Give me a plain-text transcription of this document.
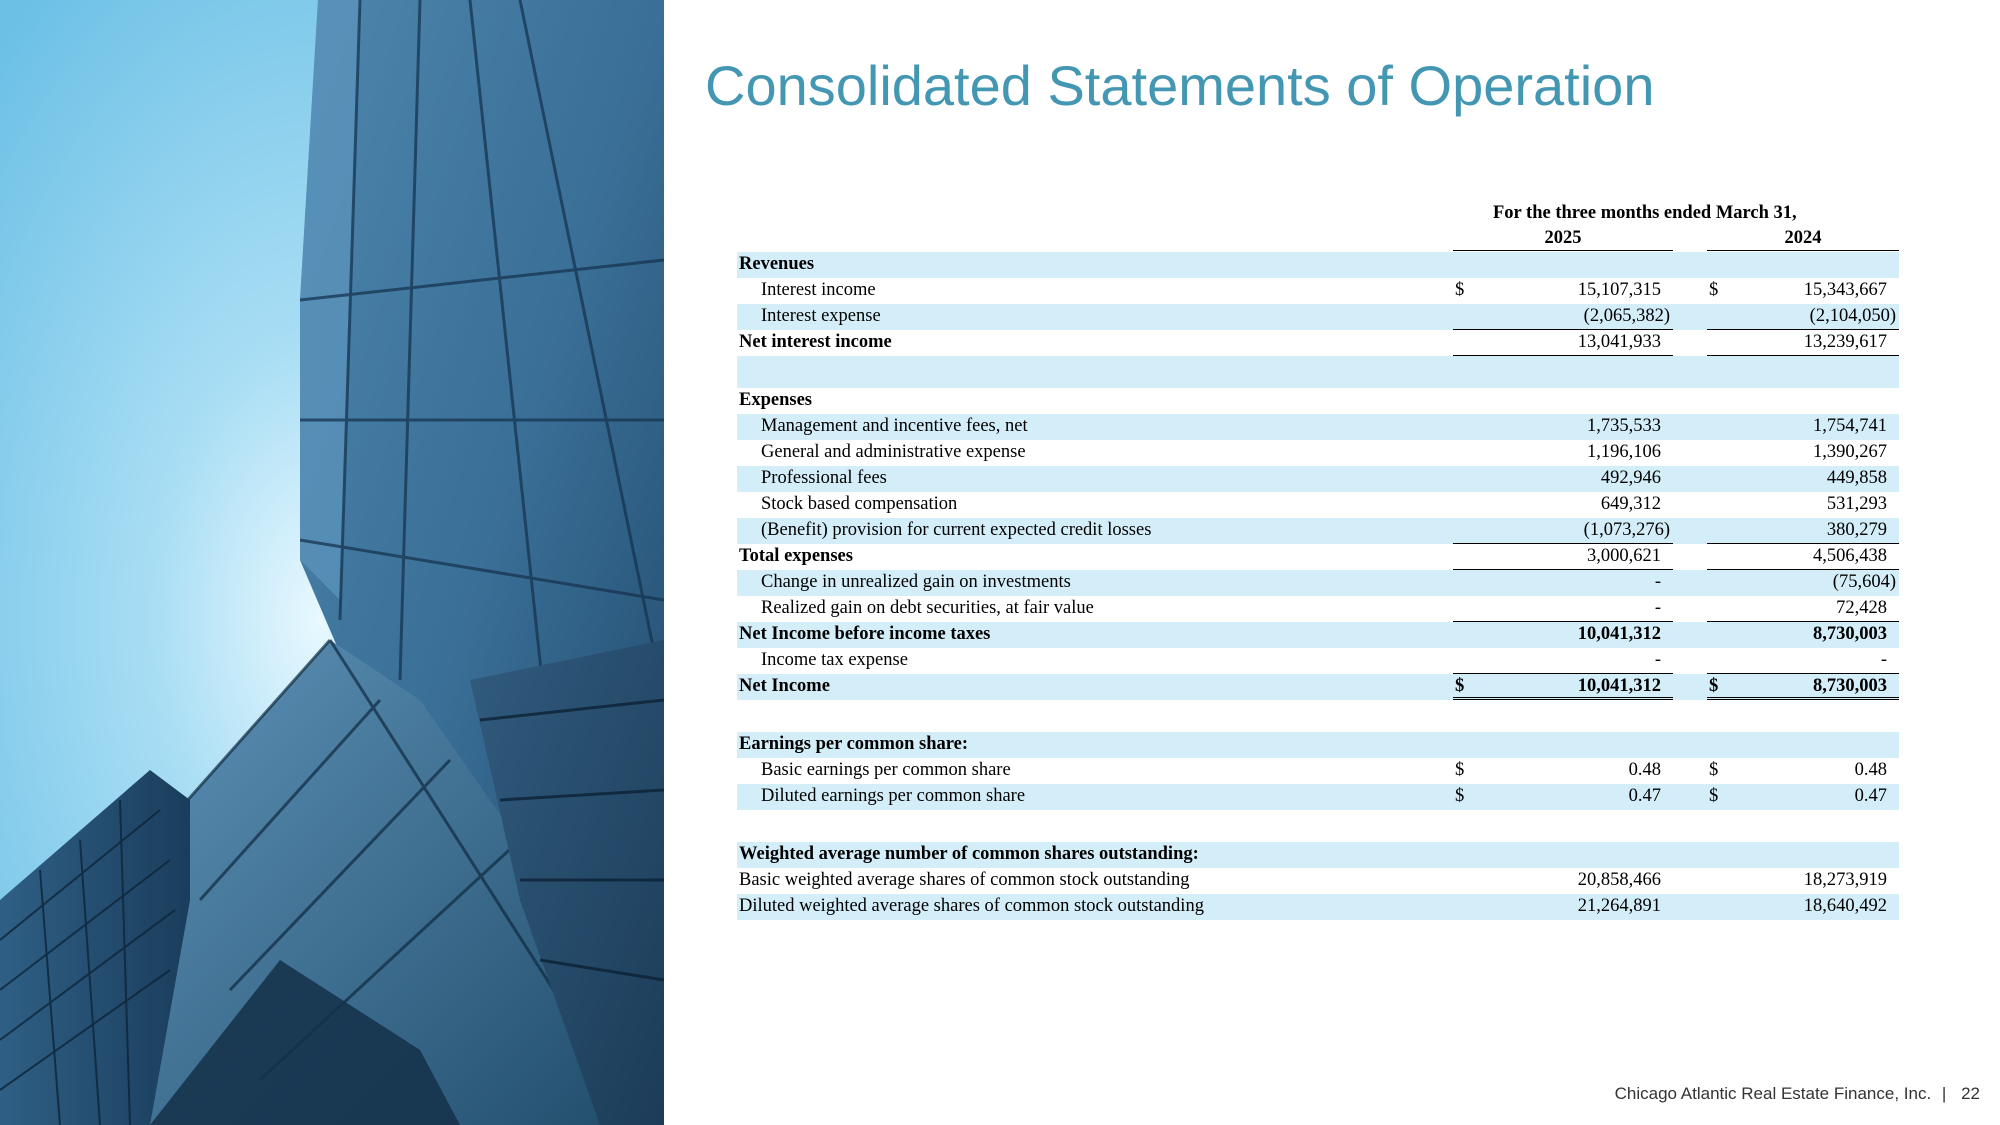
Consolidated Statements of Operation
For the three months ended March 31,
2025	2024
Revenues
Interest income	$	15,107,315	$	15,343,667
Interest expense	(2,065,382)	(2,104,050)
Net interest income	13,041,933	13,239,617
Expenses
Management and incentive fees, net	1,735,533	1,754,741
General and administrative expense	1,196,106	1,390,267
Professional fees	492,946	449,858
Stock based compensation	649,312	531,293
(Benefit) provision for current expected credit losses	(1,073,276)	380,279
Total expenses	3,000,621	4,506,438
Change in unrealized gain on investments	-	(75,604)
Realized gain on debt securities, at fair value	-	72,428
Net Income before income taxes	10,041,312	8,730,003
Income tax expense	-	-
Net Income	$	10,041,312	$	8,730,003
Earnings per common share:
Basic earnings per common share	$	0.48	$	0.48
Diluted earnings per common share	$	0.47	$	0.47
Weighted average number of common shares outstanding:
Basic weighted average shares of common stock outstanding	20,858,466	18,273,919
Diluted weighted average shares of common stock outstanding	21,264,891	18,640,492
Chicago Atlantic Real Estate Finance, Inc. | 22
